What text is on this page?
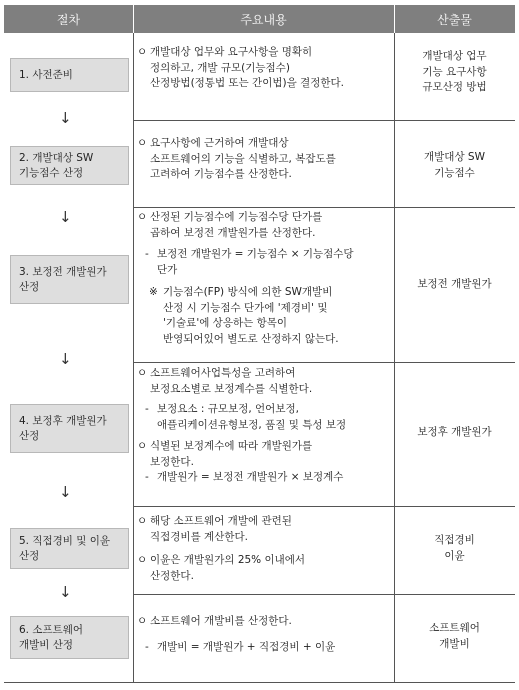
절차	주요내용	산출물
1. 사전준비
ㅇ 개발대상 업무와 요구사항을 명확히
정의하고, 개발 규모(기능점수)
산정방법(정통법 또는 간이법)을 결정한다.
개발대상 업무
기능 요구사항
규모산정 방법
↓
2. 개발대상 SW
기능점수 산정
ㅇ 요구사항에 근거하여 개발대상
소프트웨어의 기능을 식별하고, 복잡도를
고려하여 기능점수를 산정한다.
개발대상 SW
기능점수
↓
3. 보정전 개발원가
산정
ㅇ 산정된 기능점수에 기능점수당 단가를
곱하여 보정전 개발원가를 산정한다.
- 보정전 개발원가 = 기능점수 × 기능점수당
단가
※ 기능점수(FP) 방식에 의한 SW개발비
산정 시 기능점수 단가에 '제경비' 및
'기술료'에 상응하는 항목이
반영되어있어 별도로 산정하지 않는다.
보정전 개발원가
↓
4. 보정후 개발원가
산정
ㅇ 소프트웨어사업특성을 고려하여
보정요소별로 보정계수를 식별한다.
- 보정요소 : 규모보정, 언어보정,
애플리케이션유형보정, 품질 및 특성 보정
ㅇ 식별된 보정계수에 따라 개발원가를
보정한다.
- 개발원가 = 보정전 개발원가 × 보정계수
보정후 개발원가
↓
5. 직접경비 및 이윤
산정
ㅇ 해당 소프트웨어 개발에 관련된
직접경비를 계산한다.
ㅇ 이윤은 개발원가의 25% 이내에서
산정한다.
직접경비
이윤
↓
6. 소프트웨어
개발비 산정
ㅇ 소프트웨어 개발비를 산정한다.
- 개발비 = 개발원가 + 직접경비 + 이윤
소프트웨어
개발비
